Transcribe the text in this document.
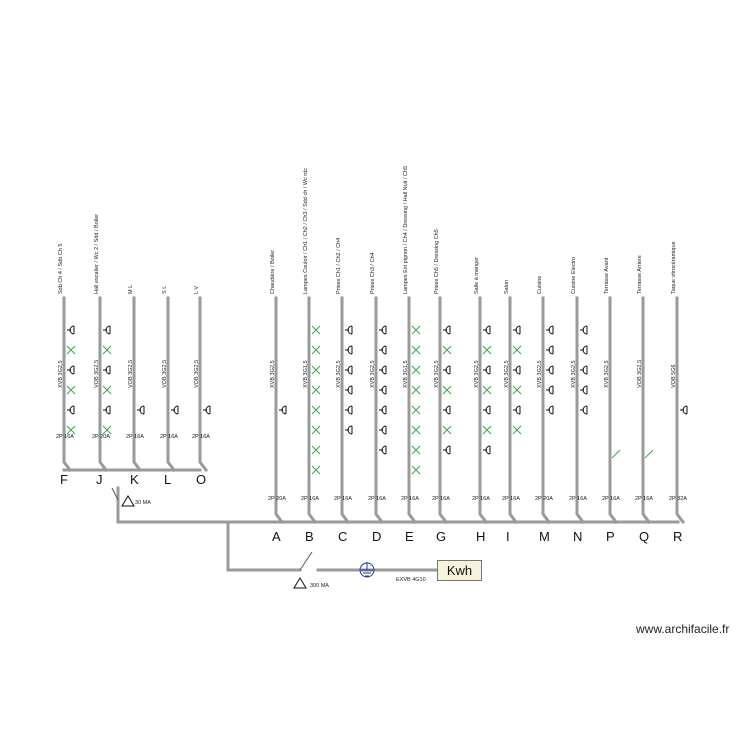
300 MA
30 MA
EXVB 4G10
Chaudière / Boiler
XVB 3G2,5
2P 20A
A
Lampes Couloir / Ch1 / Ch2 / Ch3 / Sdd ch / Wc rdc
XVB 3G1,5
2P 16A
B
Prises Ch1 / Ch2 / Ch4
XVB 3G2,5
2P 16A
C
Prises Ch3 / Ch4
XVB 3G2,5
2P 16A
D
Lampes Ext pignon / Ch4 / Dressing / Hall Nuit / Ch5
XVB 3G1,5
2P 16A
E
Prises Ch5 / Dressing Ch5
XVB 3G2,5
2P 16A
G
Salle à manger
XVB 3G2,5
2P 16A
H
Salon
XVB 3G2,5
2P 16A
I
Cuisine
XVB 3G2,5
2P 20A
M
Cuisine Electro
XVB 3G2,5
2P 16A
N
Terrasse Avant
XVB 3G2,5
2P 16A
P
Terrasse Arriere
VOB 3G2,5
2P 16A
Q
Taque vitrocéramique
VOB 5G6
2P 32A
R
Sdb Ch 4 / Sdb Ch 5
XVB 3G2,5
2P 16A
F
Hall escalier / Wc 2 / Sdd / Boiler
VOB 3G2,5
2P 20A
J
M L
VOB 3G2,5
2P 16A
K
S L
VOB 3G2,5
2P 16A
L
L V
VOB 3G2,5
2P 16A
O
Kwh
www.archifacile.fr
